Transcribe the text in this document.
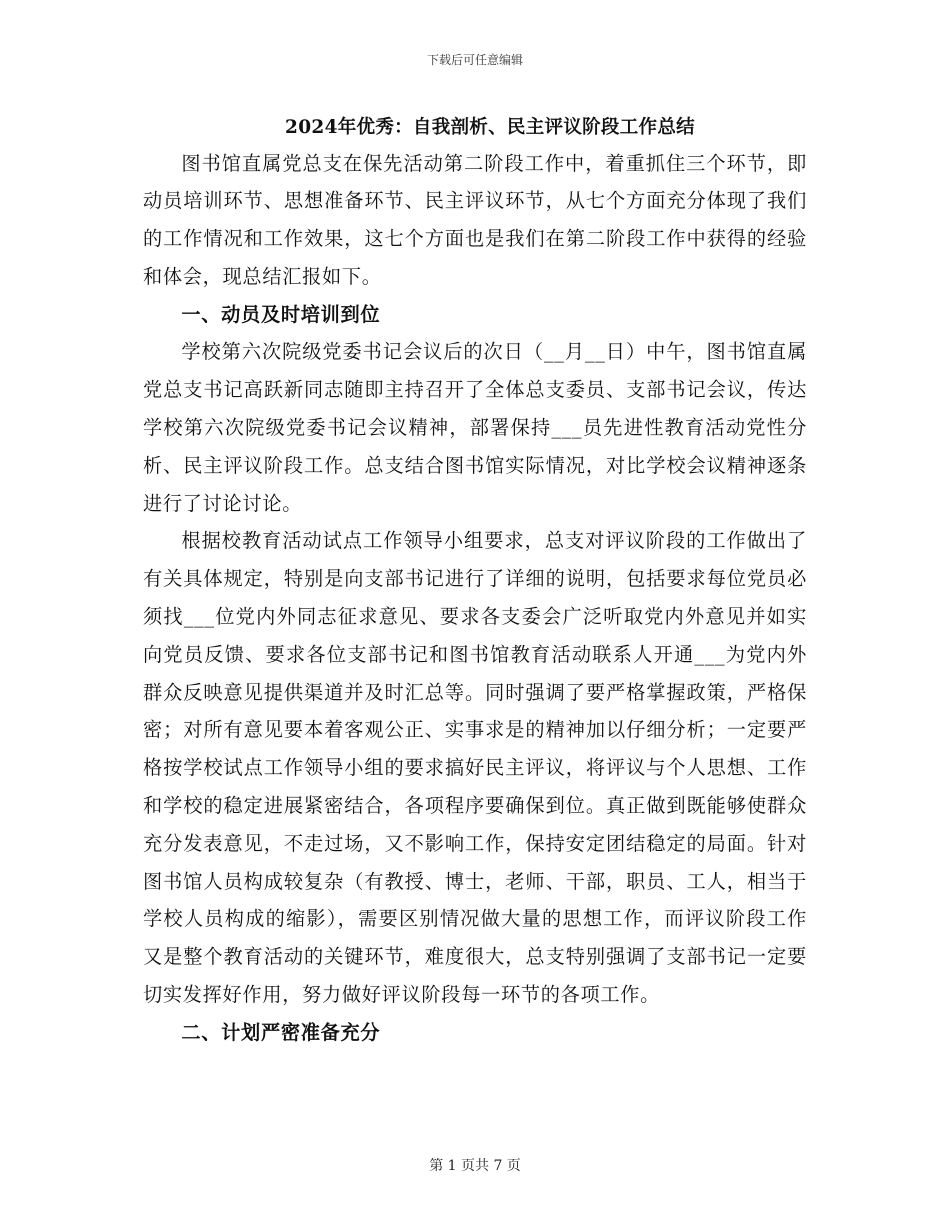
下载后可任意编辑
2024年优秀：自我剖析、民主评议阶段工作总结

图书馆直属党总支在保先活动第二阶段工作中，着重抓住三个环节，即动员培训环节、思想准备环节、民主评议环节，从七个方面充分体现了我们的工作情况和工作效果，这七个方面也是我们在第二阶段工作中获得的经验和体会，现总结汇报如下。

一、动员及时培训到位

学校第六次院级党委书记会议后的次日（__月__日）中午，图书馆直属党总支书记高跃新同志随即主持召开了全体总支委员、支部书记会议，传达学校第六次院级党委书记会议精神，部署保持___员先进性教育活动党性分析、民主评议阶段工作。总支结合图书馆实际情况，对比学校会议精神逐条进行了讨论讨论。

根据校教育活动试点工作领导小组要求，总支对评议阶段的工作做出了有关具体规定，特别是向支部书记进行了详细的说明，包括要求每位党员必须找___位党内外同志征求意见、要求各支委会广泛听取党内外意见并如实向党员反馈、要求各位支部书记和图书馆教育活动联系人开通___为党内外群众反映意见提供渠道并及时汇总等。同时强调了要严格掌握政策，严格保密；对所有意见要本着客观公正、实事求是的精神加以仔细分析；一定要严格按学校试点工作领导小组的要求搞好民主评议，将评议与个人思想、工作和学校的稳定进展紧密结合，各项程序要确保到位。真正做到既能够使群众充分发表意见，不走过场，又不影响工作，保持安定团结稳定的局面。针对图书馆人员构成较复杂（有教授、博士，老师、干部，职员、工人，相当于学校人员构成的缩影），需要区别情况做大量的思想工作，而评议阶段工作又是整个教育活动的关键环节，难度很大，总支特别强调了支部书记一定要切实发挥好作用，努力做好评议阶段每一环节的各项工作。

二、计划严密准备充分

第 1 页共 7 页
